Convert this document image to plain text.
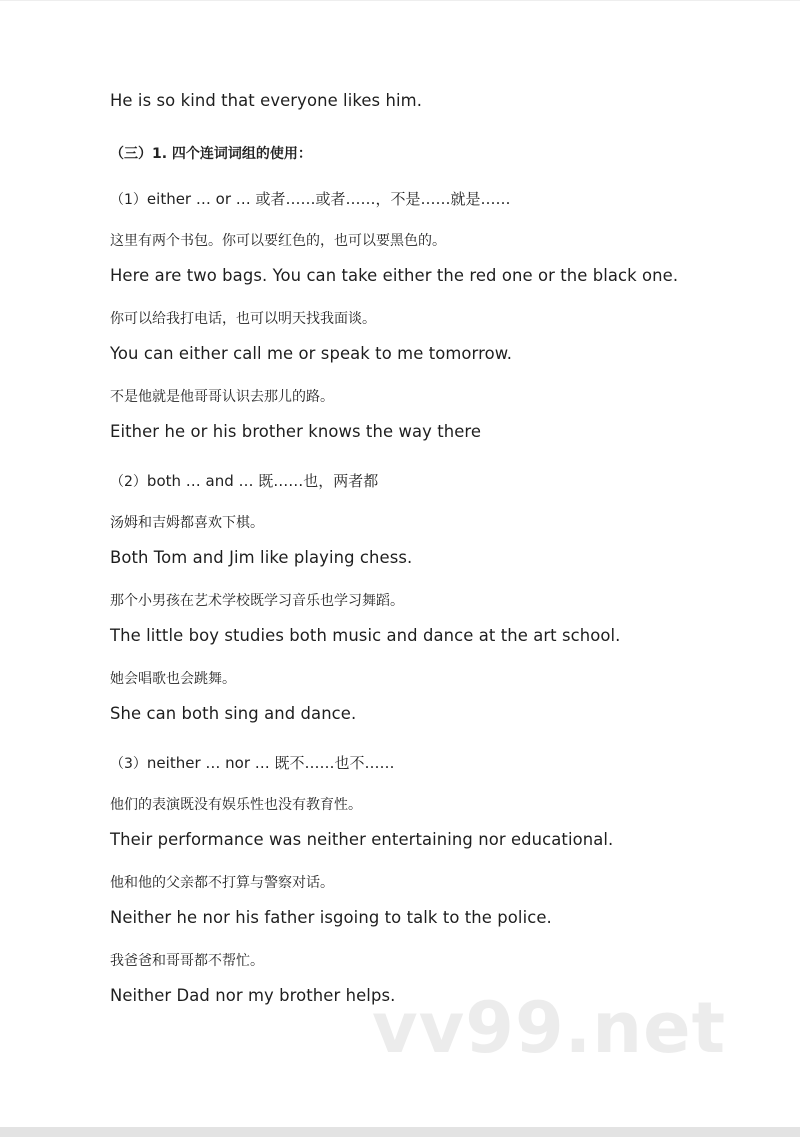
He is so kind that everyone likes him.
（三）1. 四个连词词组的使用：
（1）either … or … 或者……或者……，不是……就是……
这里有两个书包。你可以要红色的，也可以要黑色的。
Here are two bags. You can take either the red one or the black one.
你可以给我打电话，也可以明天找我面谈。
You can either call me or speak to me tomorrow.
不是他就是他哥哥认识去那儿的路。
Either he or his brother knows the way there
（2）both … and … 既……也，两者都
汤姆和吉姆都喜欢下棋。
Both Tom and Jim like playing chess.
那个小男孩在艺术学校既学习音乐也学习舞蹈。
The little boy studies both music and dance at the art school.
她会唱歌也会跳舞。
She can both sing and dance.
（3）neither … nor … 既不……也不……
他们的表演既没有娱乐性也没有教育性。
Their performance was neither entertaining nor educational.
他和他的父亲都不打算与警察对话。
Neither he nor his father isgoing to talk to the police.
我爸爸和哥哥都不帮忙。
Neither Dad nor my brother helps.
vv99.net
